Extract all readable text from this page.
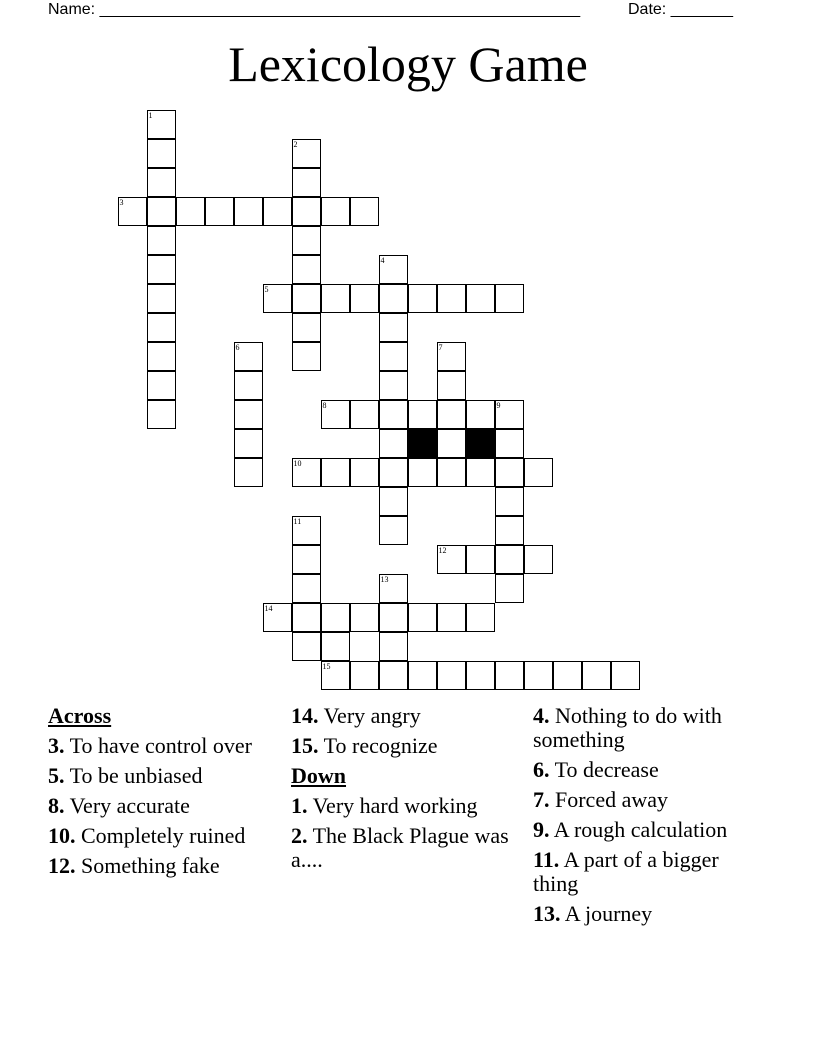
Name: ______________________________________________________	Date: _______
Lexicology Game
1
2
3
4
5
6	7
8	9
10
11
12
13
14
15
Across
3. To have control over
5. To be unbiased
8. Very accurate
10. Completely ruined
12. Something fake
14. Very angry
15. To recognize
Down
1. Very hard working
2. The Black Plague was a....
4. Nothing to do with something
6. To decrease
7. Forced away
9. A rough calculation
11. A part of a bigger thing
13. A journey
